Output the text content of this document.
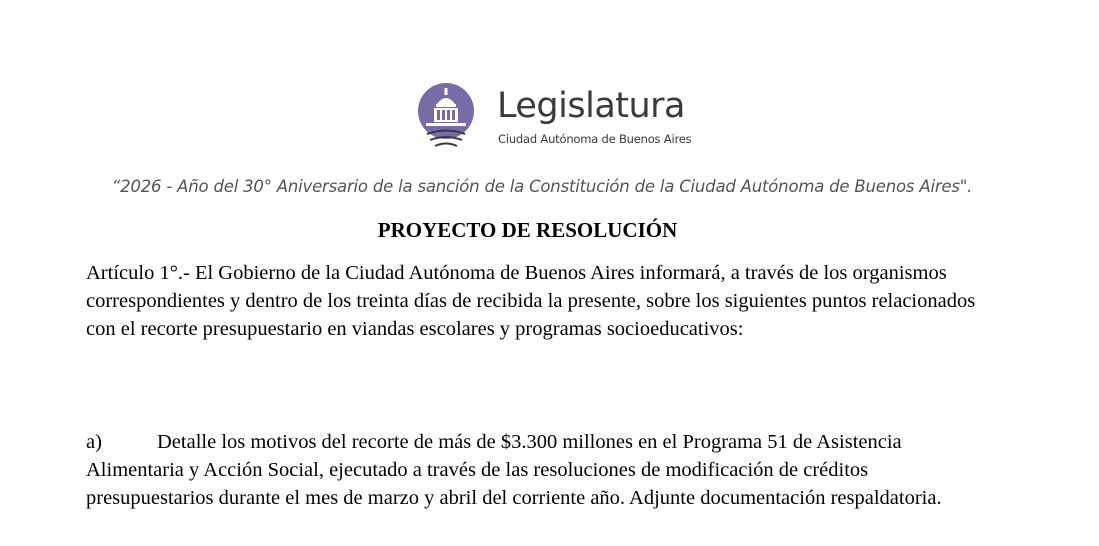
Legislatura
Ciudad Autónoma de Buenos Aires
“2026 - Año del 30° Aniversario de la sanción de la Constitución de la Ciudad Autónoma de Buenos Aires".
PROYECTO DE RESOLUCIÓN

Artículo 1°.- El Gobierno de la Ciudad Autónoma de Buenos Aires informará, a través de los organismos correspondientes y dentro de los treinta días de recibida la presente, sobre los siguientes puntos relacionados con el recorte presupuestario en viandas escolares y programas socioeducativos:

a)	Detalle los motivos del recorte de más de $3.300 millones en el Programa 51 de Asistencia Alimentaria y Acción Social, ejecutado a través de las resoluciones de modificación de créditos presupuestarios durante el mes de marzo y abril del corriente año. Adjunte documentación respaldatoria.
